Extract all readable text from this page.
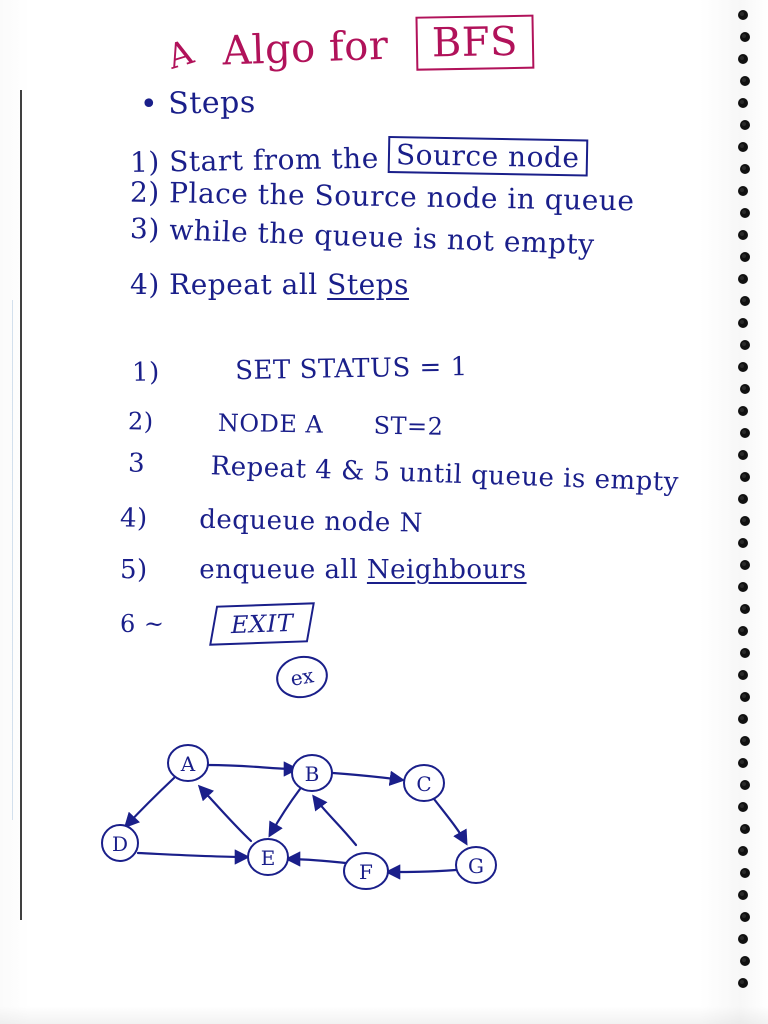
A Algo for BFS
• Steps
1) Start from the Source node
2) Place the Source node in queue
3) while the queue is not empty
4) Repeat all Steps
1)	SET STATUS = 1
2)	NODE A ST=2
3 Repeat 4 & 5 until queue is empty
4) dequeue node N
5) enqueue all Neighbours
6 ~	EXIT
ex
A	B	C
D
E
F	G
